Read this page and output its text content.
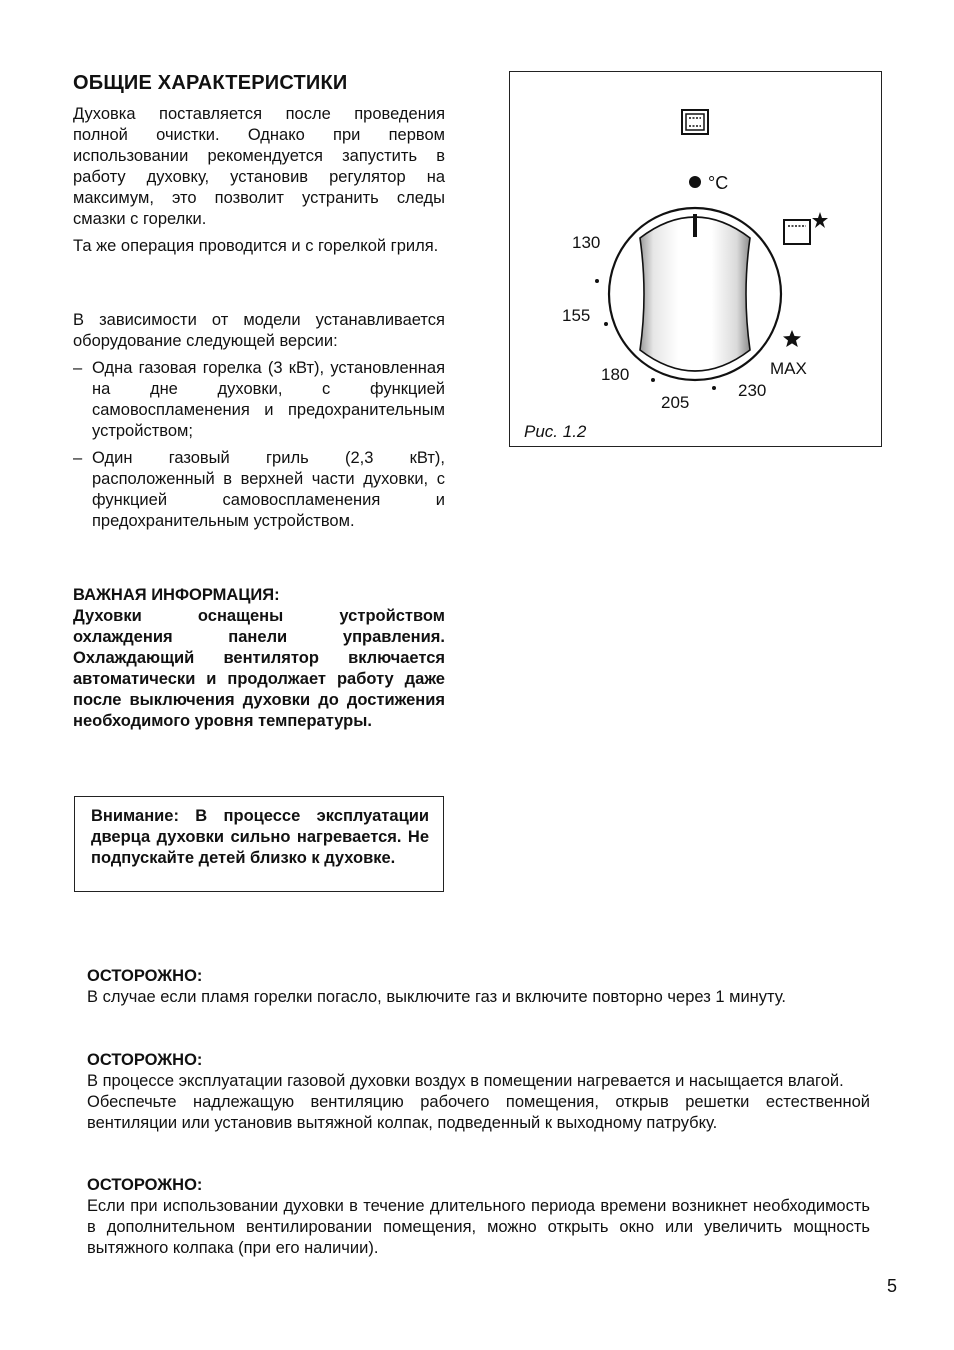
ОБЩИЕ ХАРАКТЕРИСТИКИ

Духовка поставляется после проведения полной очистки. Однако при первом использовании рекомендуется запустить в работу духовку, установив регулятор на максимум, это позволит устранить следы смазки с горелки.

Та же операция проводится и с горелкой гриля.

В зависимости от модели устанавливается оборудование следующей версии:

– Одна газовая горелка (3 кВт), установленная на дне духовки, с функцией самовоспламенения и предохранительным устройством;
– Один газовый гриль (2,3 кВт), расположенный в верхней части духовки, с функцией самовоспламенения и предохранительным устройством.

ВАЖНАЯ ИНФОРМАЦИЯ:

Духовки оснащены устройством охлаждения панели управления. Охлаждающий вентилятор включается автоматически и продолжает работу даже после выключения духовки до достижения необходимого уровня температуры.

Внимание: В процессе эксплуатации дверца духовки сильно нагревается. Не подпускайте детей близко к духовке.

°C
130
155
180
205
230
MAX
Рис. 1.2

ОСТОРОЖНО:

В случае если пламя горелки погасло, выключите газ и включите повторно через 1 минуту.

ОСТОРОЖНО:

В процессе эксплуатации газовой духовки воздух в помещении нагревается и насыщается влагой.

Обеспечьте надлежащую вентиляцию рабочего помещения, открыв решетки естественной вентиляции или установив вытяжной колпак, подведенный к выходному патрубку.

ОСТОРОЖНО:

Если при использовании духовки в течение длительного периода времени возникнет необходимость в дополнительном вентилировании помещения, можно открыть окно или увеличить мощность вытяжного колпака (при его наличии).

5
